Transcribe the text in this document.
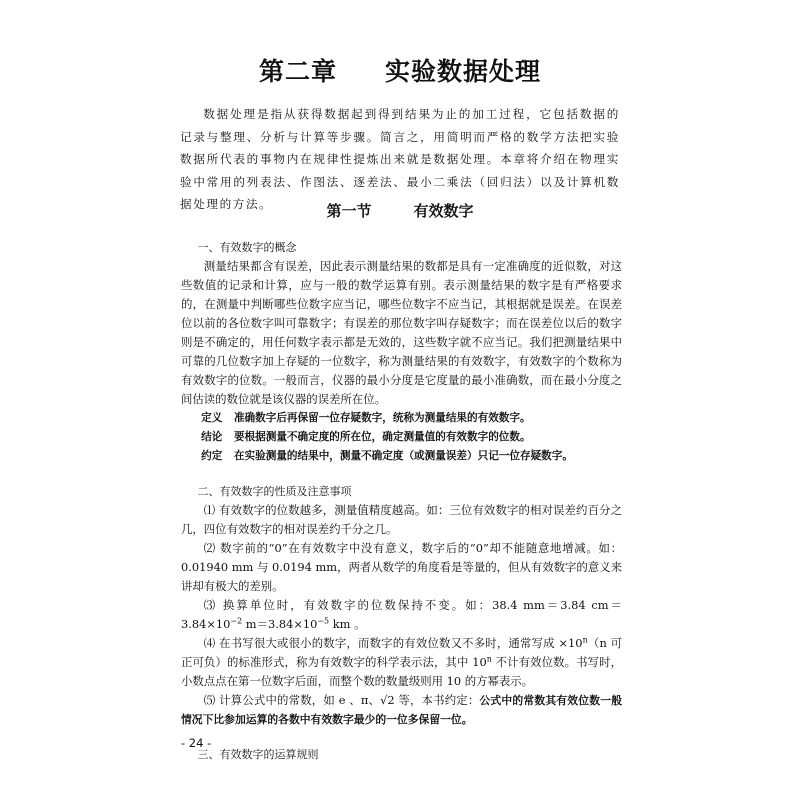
第二章 实验数据处理

数据处理是指从获得数据起到得到结果为止的加工过程，它包括数据的记录与整理、分析与计算等步骤。简言之，用简明而严格的数学方法把实验数据所代表的事物内在规律性提炼出来就是数据处理。本章将介绍在物理实验中常用的列表法、作图法、逐差法、最小二乘法（回归法）以及计算机数据处理的方法。	第一节	有效数字

一、有效数字的概念

测量结果都含有误差，因此表示测量结果的数都是具有一定准确度的近似数，对这些数值的记录和计算，应与一般的数学运算有别。表示测量结果的数字是有严格要求的，在测量中判断哪些位数字应当记，哪些位数字不应当记，其根据就是误差。在误差位以前的各位数字叫可靠数字；有误差的那位数字叫存疑数字；而在误差位以后的数字则是不确定的，用任何数字表示都是无效的，这些数字就不应当记。我们把测量结果中可靠的几位数字加上存疑的一位数字，称为测量结果的有效数字，有效数字的个数称为有效数字的位数。一般而言，仪器的最小分度是它度量的最小准确数，而在最小分度之间估读的数位就是该仪器的误差所在位。

定义 准确数字后再保留一位存疑数字，统称为测量结果的有效数字。

结论 要根据测量不确定度的所在位，确定测量值的有效数字的位数。

约定 在实验测量的结果中，测量不确定度（或测量误差）只记一位存疑数字。

二、有效数字的性质及注意事项

⑴ 有效数字的位数越多，测量值精度越高。如：三位有效数字的相对误差约百分之几，四位有效数字的相对误差约千分之几。

⑵ 数字前的“0”在有效数字中没有意义，数字后的“0”却不能随意地增减。如：0.01940 mm 与 0.0194 mm，两者从数学的角度看是等量的，但从有效数字的意义来讲却有极大的差别。

⑶ 换算单位时，有效数字的位数保持不变。如：38.4 mm＝3.84 $cm=3.84\times 10^{-2}$ $m=3.84\times 10^{-5}$ km 。

⑷ 在书写很大或很小的数字，而数字的有效位数又不多时，通常写成 $\times 10^n(n$ 可正可负）的标准形式，称为有效数字的科学表示法，其中 10$^n$ 不计有效位数。书写时，小数点点在第一位数字后面，而整个数的数量级则用 10 的方幂表示。

⑸ 计算公式中的常数，如 e 、π、√2 等，本书约定：公式中的常数其有效位数一般情况下比参加运算的各数中有效数字最少的一位多保留一位。

三、有效数字的运算规则

- 24 -
